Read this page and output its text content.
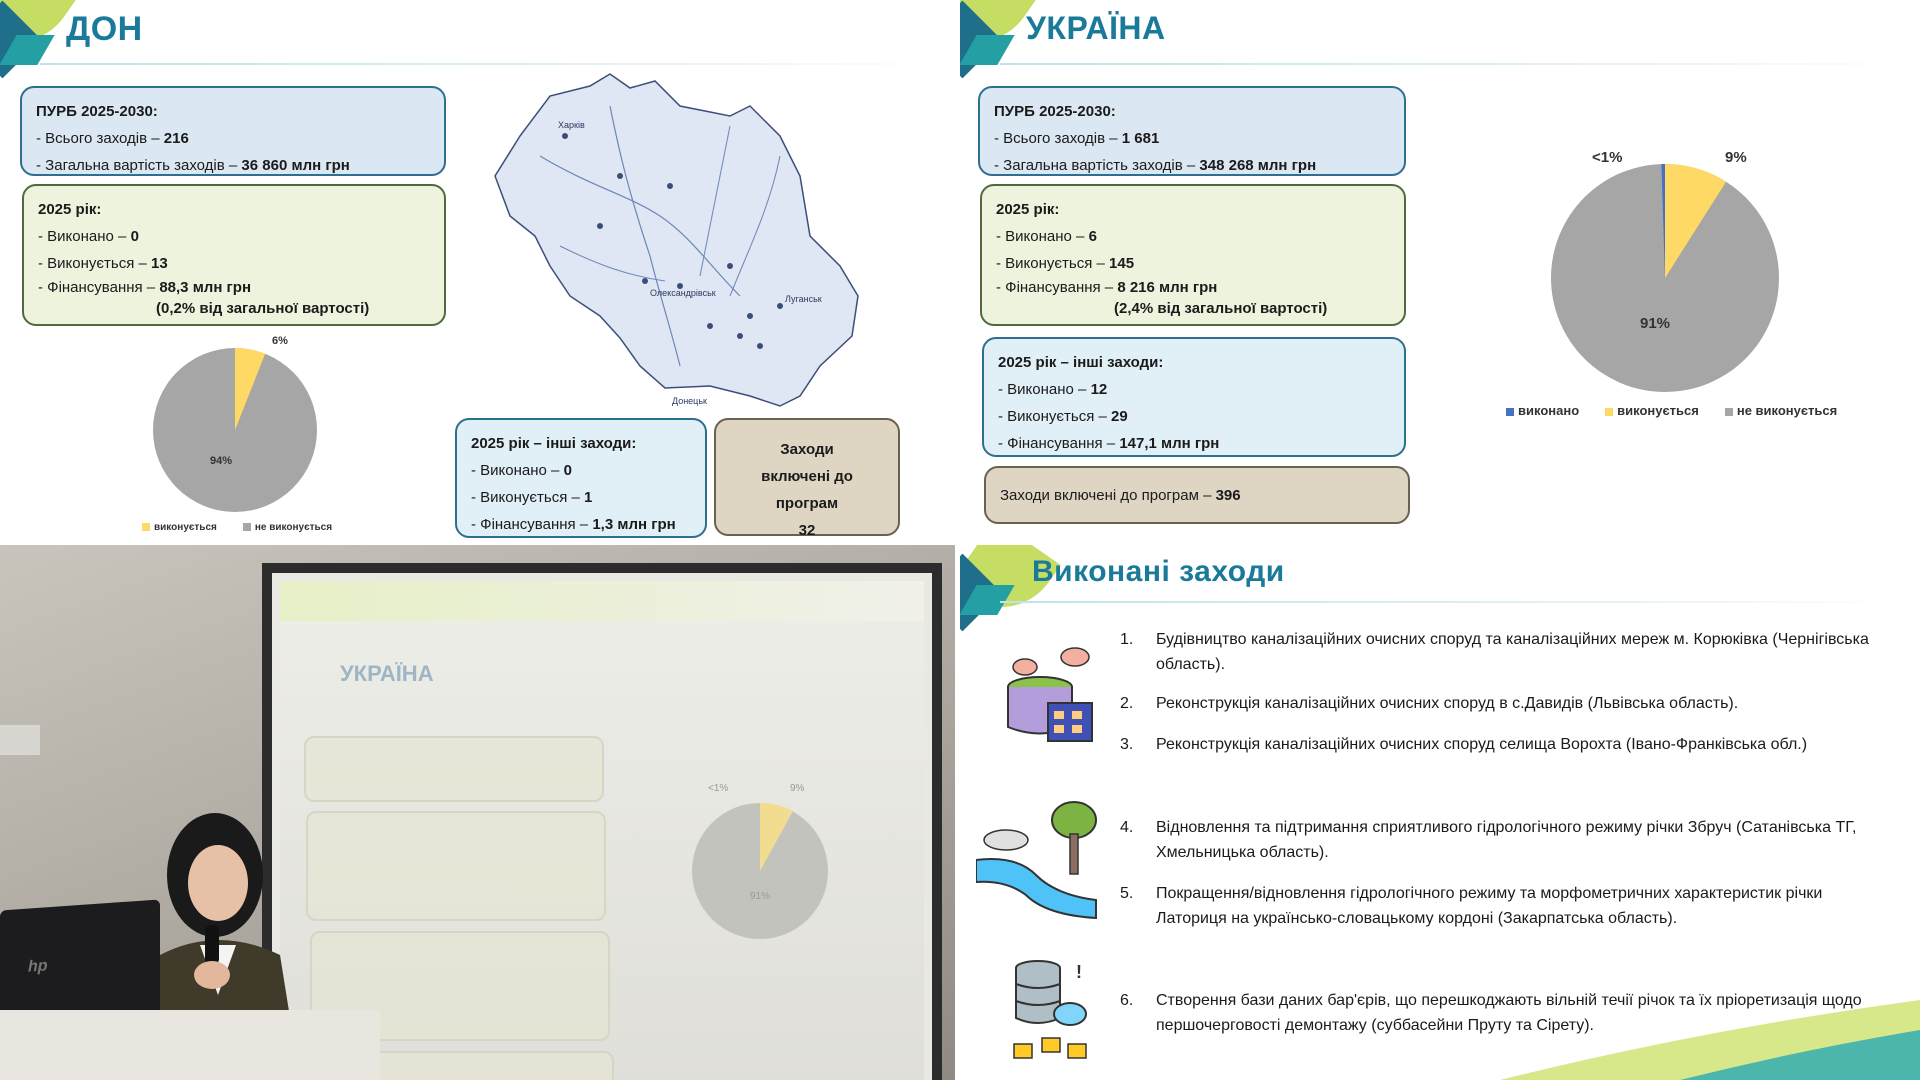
ДОН
ПУРБ 2025-2030:
- Всього заходів – 216
- Загальна вартість заходів – 36 860 млн грн
2025 рік:
- Виконано – 0
- Виконується – 13
- Фінансування – 88,3 млн грн
(0,2% від загальної вартості)
6%
94%
виконується	не виконується
Харків
Луганськ
Олександрівськ
Донецьк
2025 рік – інші заходи:
- Виконано – 0
- Виконується – 1
- Фінансування – 1,3 млн грн
Заходи
включені до програм
32
УКРАЇНА
ПУРБ 2025-2030:
- Всього заходів – 1 681
- Загальна вартість заходів – 348 268 млн грн
2025 рік:
- Виконано – 6
- Виконується – 145
- Фінансування – 8 216 млн грн
(2,4% від загальної вартості)
2025 рік – інші заходи:
- Виконано – 12
- Виконується – 29
- Фінансування – 147,1 млн грн
Заходи включені до програм – 396
<1%	9%
91%
виконано	виконується	не виконується
УКРАЇНА
<1%	9%
91%
hp
Виконані заходи
!
1.	Будівництво каналізаційних очисних споруд та каналізаційних мереж м. Корюківка (Чернігівська область).
2.	Реконструкція каналізаційних очисних споруд в с.Давидів (Львівська область).
3.	Реконструкція каналізаційних очисних споруд селища Ворохта (Івано-Франківська обл.)
4.	Відновлення та підтримання сприятливого гідрологічного режиму річки Збруч (Сатанівська ТГ, Хмельницька область).
5.	Покращення/відновлення гідрологічного режиму та морфометричних характеристик річки Латориця на українсько-словацькому кордоні (Закарпатська область).
6.	Створення бази даних бар'єрів, що перешкоджають вільній течії річок та їх пріоретизація щодо першочерговості демонтажу (суббасейни Пруту та Сірету).
